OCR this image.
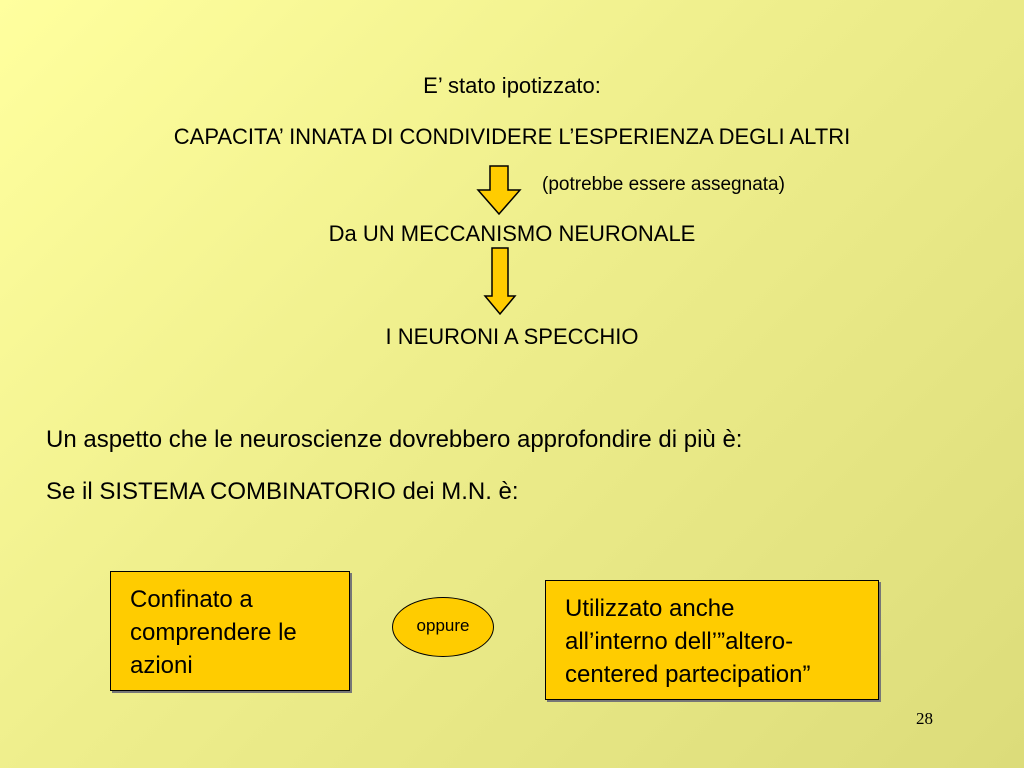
E’ stato ipotizzato:
CAPACITA’ INNATA DI CONDIVIDERE L’ESPERIENZA DEGLI ALTRI
(potrebbe essere assegnata)
Da UN MECCANISMO NEURONALE
I NEURONI A SPECCHIO
Un aspetto che le neuroscienze dovrebbero approfondire di più è:
Se il SISTEMA COMBINATORIO dei M.N. è:
Confinato a
comprendere le
azioni
oppure
Utilizzato anche
all’interno dell’”altero-
centered partecipation”
28
